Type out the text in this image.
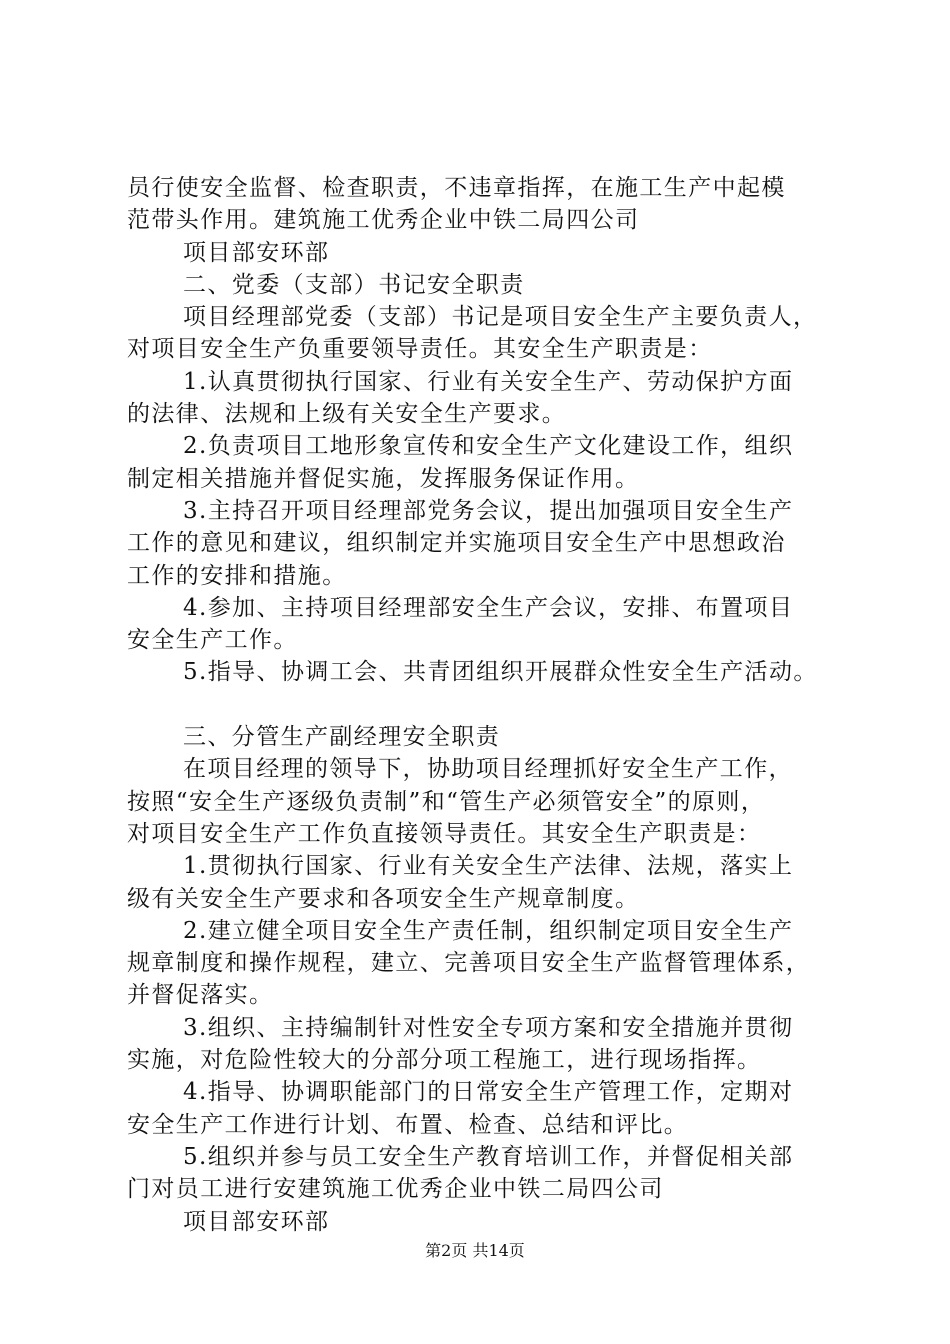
员行使安全监督、检查职责，不违章指挥，在施工生产中起模
范带头作用。建筑施工优秀企业中铁二局四公司
项目部安环部
二、党委（支部）书记安全职责
项目经理部党委（支部）书记是项目安全生产主要负责人，
对项目安全生产负重要领导责任。其安全生产职责是：
1.认真贯彻执行国家、行业有关安全生产、劳动保护方面
的法律、法规和上级有关安全生产要求。
2.负责项目工地形象宣传和安全生产文化建设工作，组织
制定相关措施并督促实施，发挥服务保证作用。
3.主持召开项目经理部党务会议，提出加强项目安全生产
工作的意见和建议，组织制定并实施项目安全生产中思想政治
工作的安排和措施。
4.参加、主持项目经理部安全生产会议，安排、布置项目
安全生产工作。
5.指导、协调工会、共青团组织开展群众性安全生产活动。
三、分管生产副经理安全职责
在项目经理的领导下，协助项目经理抓好安全生产工作，
按照“安全生产逐级负责制”和“管生产必须管安全”的原则，
对项目安全生产工作负直接领导责任。其安全生产职责是：
1.贯彻执行国家、行业有关安全生产法律、法规，落实上
级有关安全生产要求和各项安全生产规章制度。
2.建立健全项目安全生产责任制，组织制定项目安全生产
规章制度和操作规程，建立、完善项目安全生产监督管理体系，
并督促落实。
3.组织、主持编制针对性安全专项方案和安全措施并贯彻
实施，对危险性较大的分部分项工程施工，进行现场指挥。
4.指导、协调职能部门的日常安全生产管理工作，定期对
安全生产工作进行计划、布置、检查、总结和评比。
5.组织并参与员工安全生产教育培训工作，并督促相关部
门对员工进行安建筑施工优秀企业中铁二局四公司
项目部安环部
第2页 共14页
